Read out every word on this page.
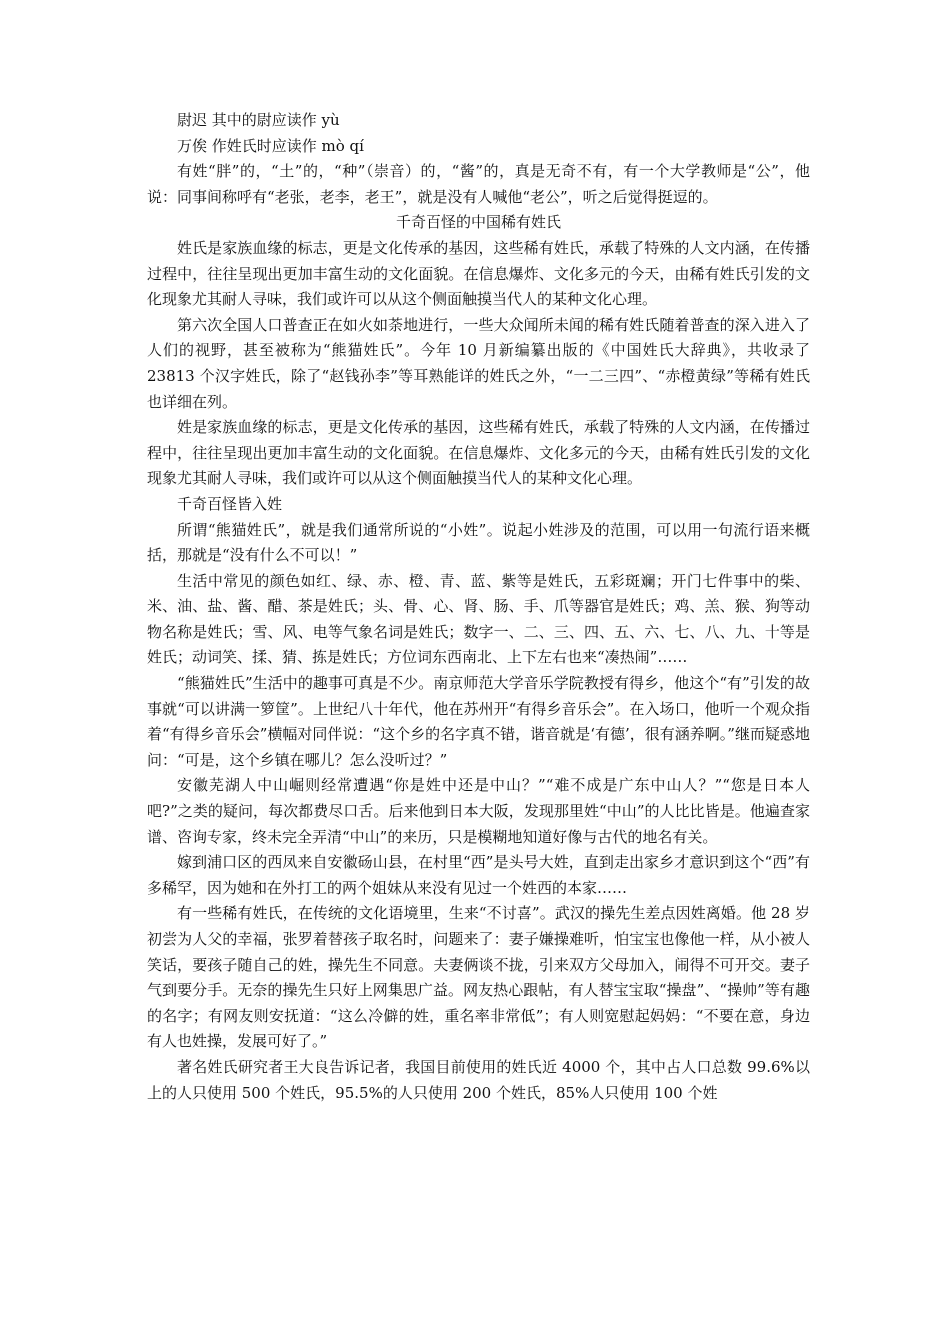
尉迟 其中的尉应读作 yù

万俟 作姓氏时应读作 mò qí

有姓“胖”的，“土”的，“种”（崇音）的，“酱”的，真是无奇不有，有一个大学教师是“公”，他说：同事间称呼有“老张，老李，老王”，就是没有人喊他“老公”，听之后觉得挺逗的。

千奇百怪的中国稀有姓氏

姓氏是家族血缘的标志，更是文化传承的基因，这些稀有姓氏，承载了特殊的人文内涵，在传播过程中，往往呈现出更加丰富生动的文化面貌。在信息爆炸、文化多元的今天，由稀有姓氏引发的文化现象尤其耐人寻味，我们或许可以从这个侧面触摸当代人的某种文化心理。

第六次全国人口普查正在如火如荼地进行，一些大众闻所未闻的稀有姓氏随着普查的深入进入了人们的视野，甚至被称为“熊猫姓氏”。今年 10 月新编纂出版的《中国姓氏大辞典》，共收录了 23813 个汉字姓氏，除了“赵钱孙李”等耳熟能详的姓氏之外，“一二三四”、“赤橙黄绿”等稀有姓氏也详细在列。

姓是家族血缘的标志，更是文化传承的基因，这些稀有姓氏，承载了特殊的人文内涵，在传播过程中，往往呈现出更加丰富生动的文化面貌。在信息爆炸、文化多元的今天，由稀有姓氏引发的文化现象尤其耐人寻味，我们或许可以从这个侧面触摸当代人的某种文化心理。

千奇百怪皆入姓

所谓“熊猫姓氏”，就是我们通常所说的“小姓”。说起小姓涉及的范围，可以用一句流行语来概括，那就是“没有什么不可以！”

生活中常见的颜色如红、绿、赤、橙、青、蓝、紫等是姓氏，五彩斑斓；开门七件事中的柴、米、油、盐、酱、醋、茶是姓氏；头、骨、心、肾、肠、手、爪等器官是姓氏；鸡、羔、猴、狗等动物名称是姓氏；雪、风、电等气象名词是姓氏；数字一、二、三、四、五、六、七、八、九、十等是姓氏；动词笑、揉、猜、拣是姓氏；方位词东西南北、上下左右也来“凑热闹”……

“熊猫姓氏”生活中的趣事可真是不少。南京师范大学音乐学院教授有得乡，他这个“有”引发的故事就“可以讲满一箩筐”。上世纪八十年代，他在苏州开“有得乡音乐会”。在入场口，他听一个观众指着“有得乡音乐会”横幅对同伴说：“这个乡的名字真不错，谐音就是‘有德’，很有涵养啊。”继而疑惑地问：“可是，这个乡镇在哪儿？怎么没听过？”

安徽芜湖人中山崛则经常遭遇“你是姓中还是中山？”“难不成是广东中山人？”“您是日本人吧?”之类的疑问，每次都费尽口舌。后来他到日本大阪，发现那里姓“中山”的人比比皆是。他遍查家谱、咨询专家，终未完全弄清“中山”的来历，只是模糊地知道好像与古代的地名有关。

嫁到浦口区的西凤来自安徽砀山县，在村里“西”是头号大姓，直到走出家乡才意识到这个“西”有多稀罕，因为她和在外打工的两个姐妹从来没有见过一个姓西的本家……

有一些稀有姓氏，在传统的文化语境里，生来“不讨喜”。武汉的操先生差点因姓离婚。他 28 岁初尝为人父的幸福，张罗着替孩子取名时，问题来了：妻子嫌操难听，怕宝宝也像他一样，从小被人笑话，要孩子随自己的姓，操先生不同意。夫妻俩谈不拢，引来双方父母加入，闹得不可开交。妻子气到要分手。无奈的操先生只好上网集思广益。网友热心跟帖，有人替宝宝取“操盘”、“操帅”等有趣的名字；有网友则安抚道：“这么冷僻的姓，重名率非常低”；有人则宽慰起妈妈：“不要在意，身边有人也姓操，发展可好了。”

著名姓氏研究者王大良告诉记者，我国目前使用的姓氏近 4000 个，其中占人口总数 99.6%以上的人只使用 500 个姓氏，95.5%的人只使用 200 个姓氏，85%人只使用 100 个姓
